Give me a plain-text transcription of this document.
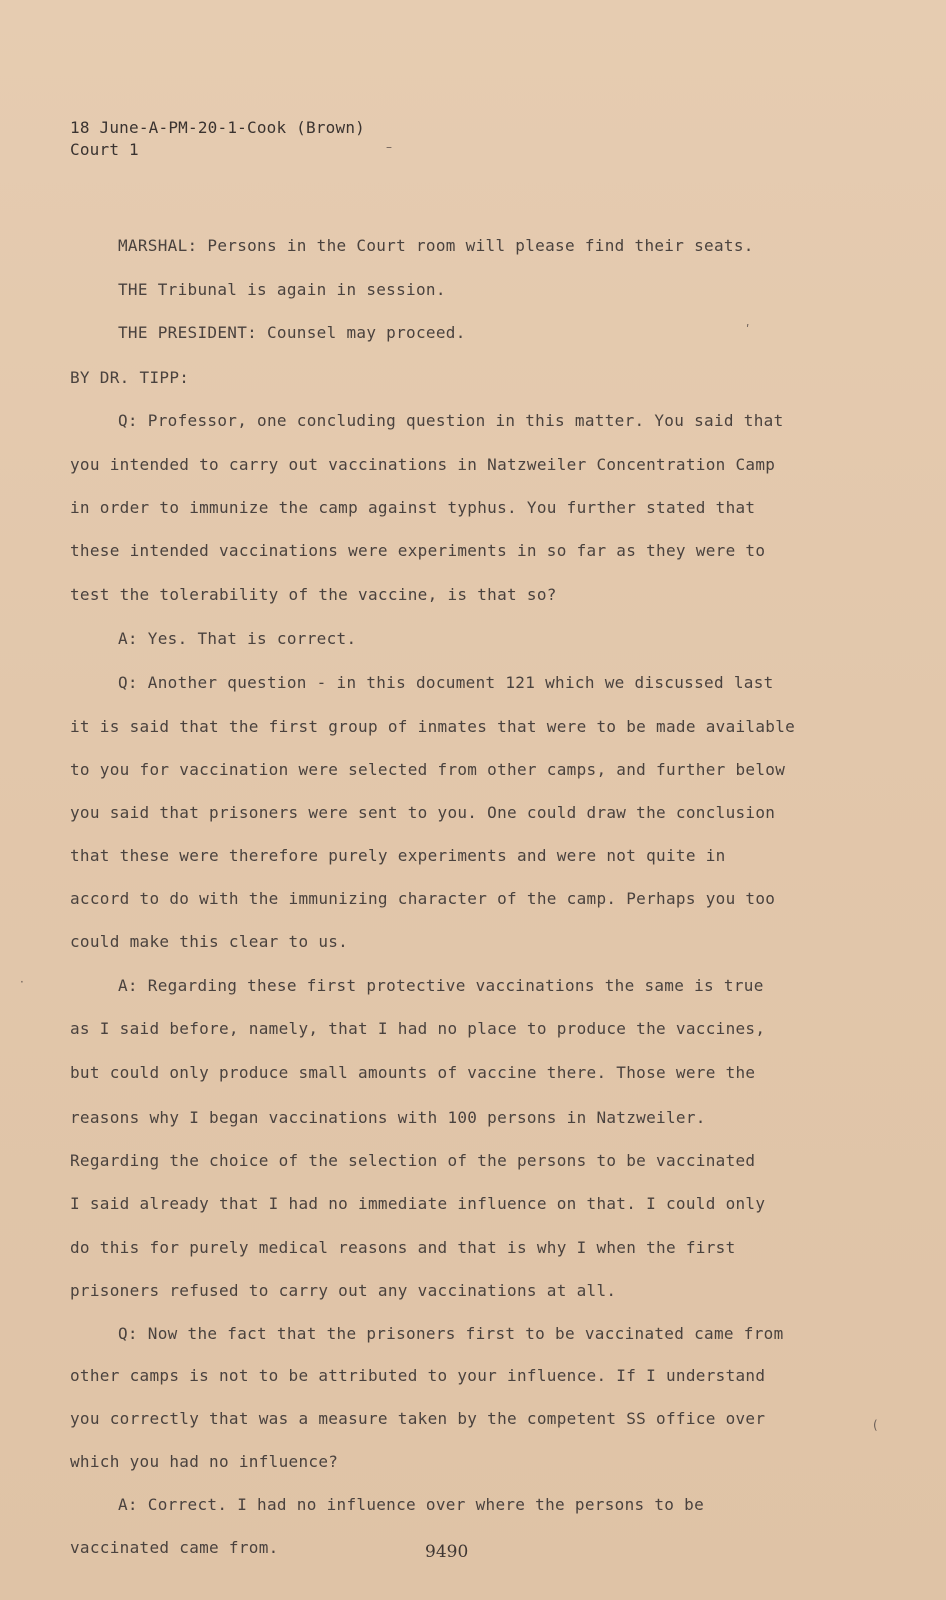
18 June-A-PM-20-1-Cook (Brown)
Court 1
MARSHAL: Persons in the Court room will please find their seats.
THE Tribunal is again in session.
THE PRESIDENT: Counsel may proceed.
BY DR. TIPP:
Q: Professor, one concluding question in this matter. You said that
you intended to carry out vaccinations in Natzweiler Concentration Camp
in order to immunize the camp against typhus. You further stated that
these intended vaccinations were experiments in so far as they were to
test the tolerability of the vaccine, is that so?
A: Yes. That is correct.
Q: Another question - in this document 121 which we discussed last
it is said that the first group of inmates that were to be made available
to you for vaccination were selected from other camps, and further below
you said that prisoners were sent to you. One could draw the conclusion
that these were therefore purely experiments and were not quite in
accord to do with the immunizing character of the camp. Perhaps you too
could make this clear to us.
A: Regarding these first protective vaccinations the same is true
as I said before, namely, that I had no place to produce the vaccines,
but could only produce small amounts of vaccine there. Those were the
reasons why I began vaccinations with 100 persons in Natzweiler.
Regarding the choice of the selection of the persons to be vaccinated
I said already that I had no immediate influence on that. I could only
do this for purely medical reasons and that is why I when the first
prisoners refused to carry out any vaccinations at all.
Q: Now the fact that the prisoners first to be vaccinated came from
other camps is not to be attributed to your influence. If I understand
you correctly that was a measure taken by the competent SS office over
which you had no influence?
A: Correct. I had no influence over where the persons to be
vaccinated came from.	9490
–
ʹ
·
(
